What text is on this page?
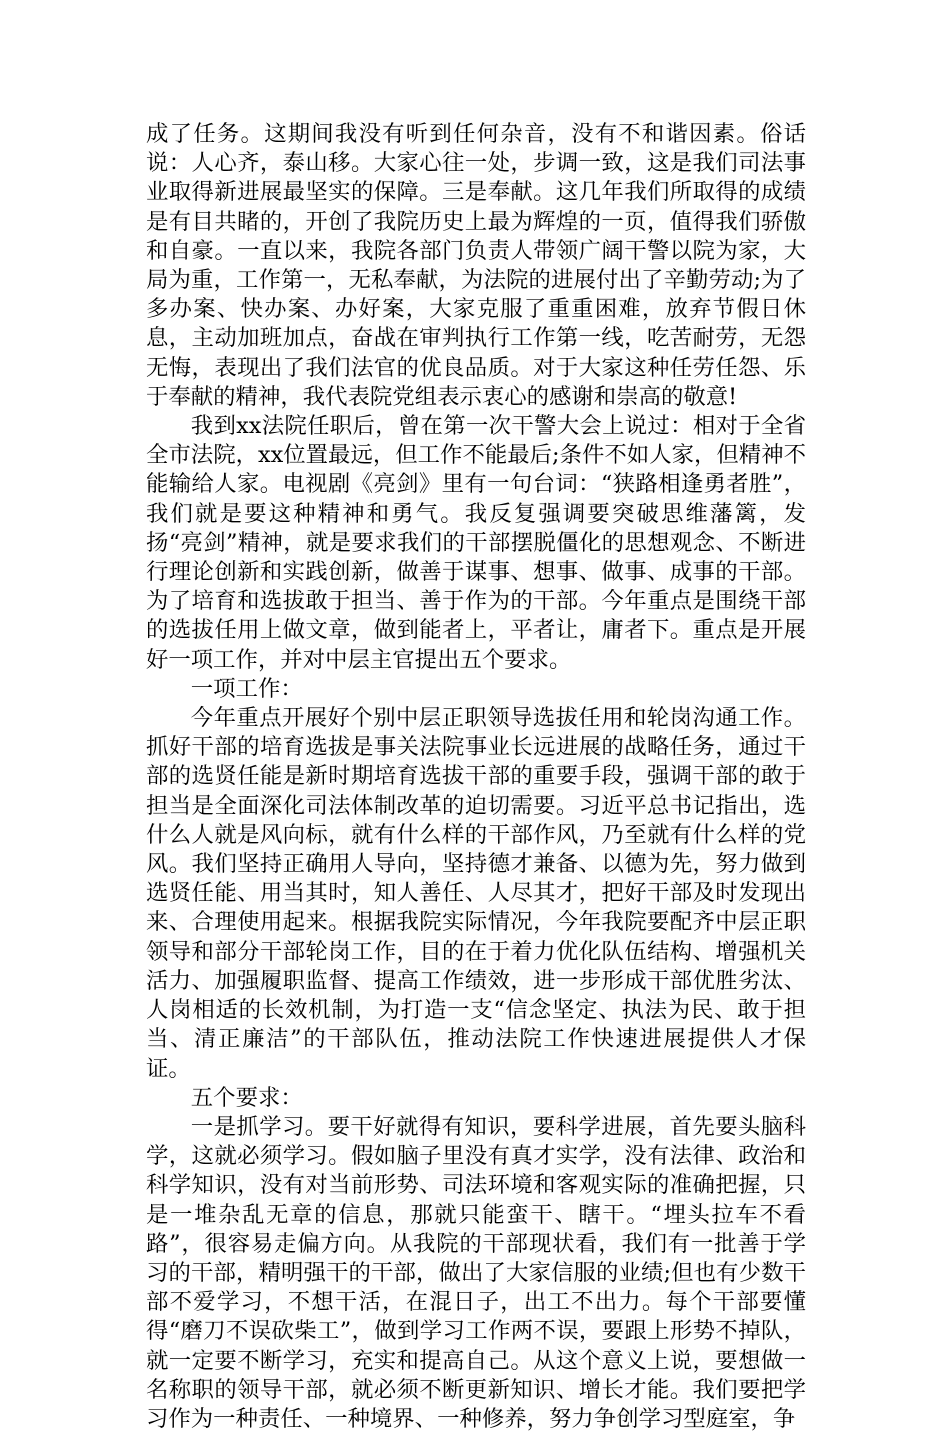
成了任务。这期间我没有听到任何杂音，没有不和谐因素。俗话说：人心齐，泰山移。大家心往一处，步调一致，这是我们司法事业取得新进展最坚实的保障。三是奉献。这几年我们所取得的成绩是有目共睹的，开创了我院历史上最为辉煌的一页，值得我们骄傲和自豪。一直以来，我院各部门负责人带领广阔干警以院为家，大局为重，工作第一，无私奉献，为法院的进展付出了辛勤劳动;为了多办案、快办案、办好案，大家克服了重重困难，放弃节假日休息，主动加班加点，奋战在审判执行工作第一线，吃苦耐劳，无怨无悔，表现出了我们法官的优良品质。对于大家这种任劳任怨、乐于奉献的精神，我代表院党组表示衷心的感谢和崇高的敬意!

我到xx法院任职后，曾在第一次干警大会上说过：相对于全省全市法院，xx位置最远，但工作不能最后;条件不如人家，但精神不能输给人家。电视剧《亮剑》里有一句台词：“狭路相逢勇者胜”，我们就是要这种精神和勇气。我反复强调要突破思维藩篱，发扬“亮剑”精神，就是要求我们的干部摆脱僵化的思想观念、不断进行理论创新和实践创新，做善于谋事、想事、做事、成事的干部。为了培育和选拔敢于担当、善于作为的干部。今年重点是围绕干部的选拔任用上做文章，做到能者上，平者让，庸者下。重点是开展好一项工作，并对中层主官提出五个要求。

一项工作：

今年重点开展好个别中层正职领导选拔任用和轮岗沟通工作。抓好干部的培育选拔是事关法院事业长远进展的战略任务，通过干部的选贤任能是新时期培育选拔干部的重要手段，强调干部的敢于担当是全面深化司法体制改革的迫切需要。习近平总书记指出，选什么人就是风向标，就有什么样的干部作风，乃至就有什么样的党风。我们坚持正确用人导向，坚持德才兼备、以德为先，努力做到选贤任能、用当其时，知人善任、人尽其才，把好干部及时发现出来、合理使用起来。根据我院实际情况，今年我院要配齐中层正职领导和部分干部轮岗工作，目的在于着力优化队伍结构、增强机关活力、加强履职监督、提高工作绩效，进一步形成干部优胜劣汰、人岗相适的长效机制，为打造一支“信念坚定、执法为民、敢于担当、清正廉洁”的干部队伍，推动法院工作快速进展提供人才保证。

五个要求：

一是抓学习。要干好就得有知识，要科学进展，首先要头脑科学，这就必须学习。假如脑子里没有真才实学，没有法律、政治和科学知识，没有对当前形势、司法环境和客观实际的准确把握，只是一堆杂乱无章的信息，那就只能蛮干、瞎干。“埋头拉车不看路”，很容易走偏方向。从我院的干部现状看，我们有一批善于学习的干部，精明强干的干部，做出了大家信服的业绩;但也有少数干部不爱学习，不想干活，在混日子，出工不出力。每个干部要懂得“磨刀不误砍柴工”，做到学习工作两不误，要跟上形势不掉队，就一定要不断学习，充实和提高自己。从这个意义上说，要想做一名称职的领导干部，就必须不断更新知识、增长才能。我们要把学习作为一种责任、一种境界、一种修养，努力争创学习型庭室，争
